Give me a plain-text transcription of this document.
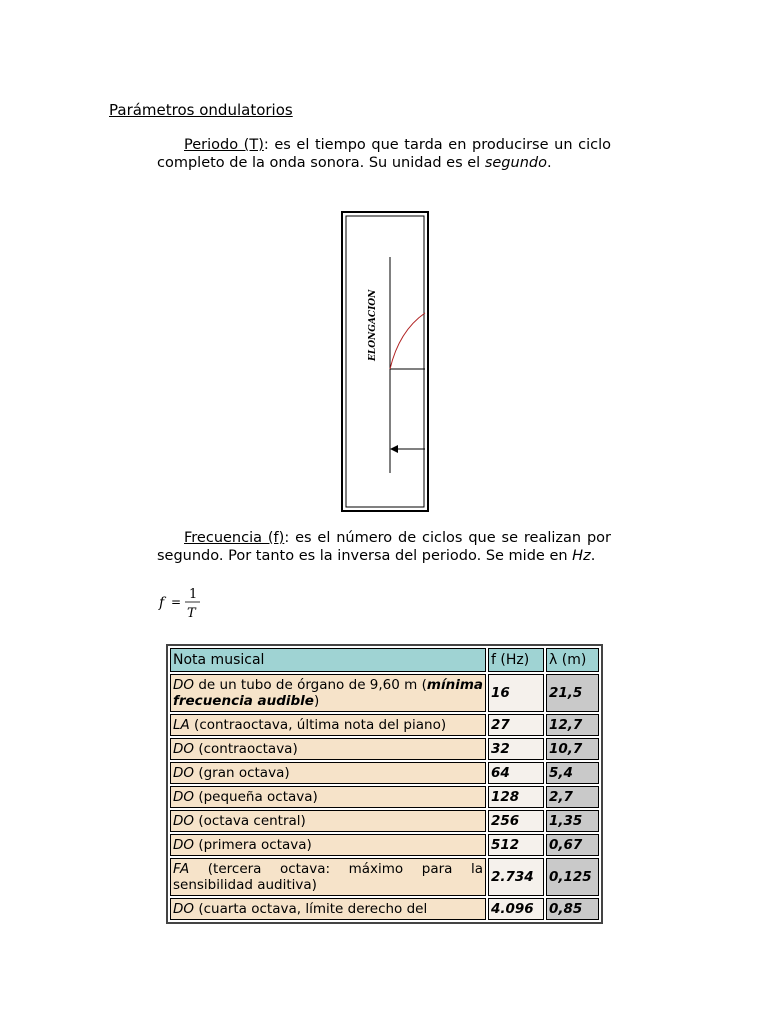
Parámetros ondulatorios

Periodo (T): es el tiempo que tarda en producirse un ciclo completo de la onda sonora. Su unidad es el segundo.

ELONGACION

Frecuencia (f): es el número de ciclos que se realizan por segundo. Por tanto es la inversa del periodo. Se mide en Hz.

f = 1
T
Nota musical	f (Hz)	λ (m)
DO de un tubo de órgano de 9,60 m (mínima frecuencia audible)	16	21,5
LA (contraoctava, última nota del piano)	27	12,7
DO (contraoctava)	32	10,7
DO (gran octava)	64	5,4
DO (pequeña octava)	128	2,7
DO (octava central)	256	1,35
DO (primera octava)	512	0,67
FA (tercera octava: máximo para la sensibilidad auditiva)	2.734	0,125
DO (cuarta octava, límite derecho del	4.096	0,85
